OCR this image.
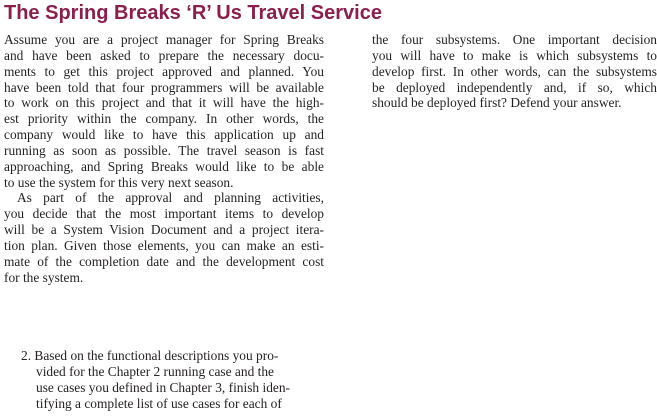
The Spring Breaks ‘R’ Us Travel Service

Assume you are a project manager for Spring Breaks
and have been asked to prepare the necessary docu-
ments to get this project approved and planned. You
have been told that four programmers will be available
to work on this project and that it will have the high-
est priority within the company. In other words, the
company would like to have this application up and
running as soon as possible. The travel season is fast
approaching, and Spring Breaks would like to be able
to use the system for this very next season.

As part of the approval and planning activities,
you decide that the most important items to develop
will be a System Vision Document and a project itera-
tion plan. Given those elements, you can make an esti-
mate of the completion date and the development cost
for the system.

2. Based on the functional descriptions you pro-
vided for the Chapter 2 running case and the
use cases you defined in Chapter 3, finish iden-
tifying a complete list of use cases for each of

the four subsystems. One important decision
you will have to make is which subsystems to
develop first. In other words, can the subsystems
be deployed independently and, if so, which
should be deployed first? Defend your answer.
